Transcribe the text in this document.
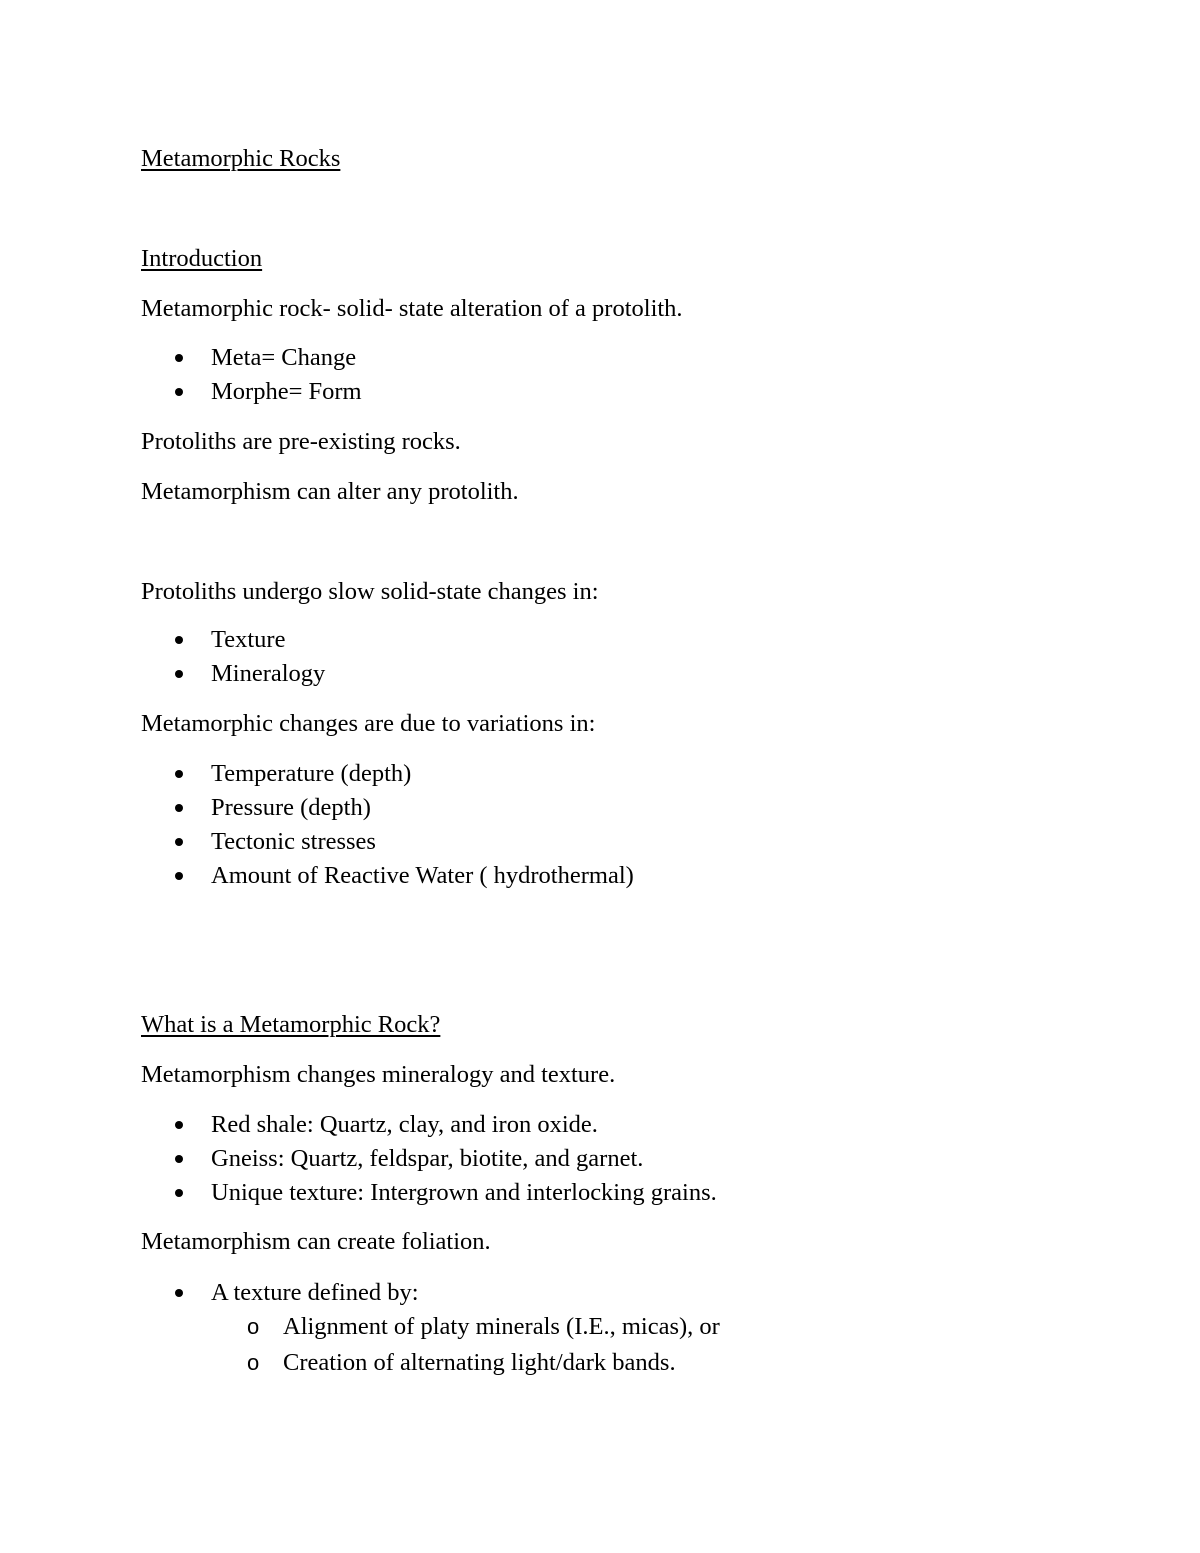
Metamorphic Rocks
Introduction
Metamorphic rock- solid- state alteration of a protolith.
Meta= Change
Morphe= Form
Protoliths are pre-existing rocks.
Metamorphism can alter any protolith.
Protoliths undergo slow solid-state changes in:
Texture
Mineralogy
Metamorphic changes are due to variations in:
Temperature (depth)
Pressure (depth)
Tectonic stresses
Amount of Reactive Water ( hydrothermal)
What is a Metamorphic Rock?
Metamorphism changes mineralogy and texture.
Red shale: Quartz, clay, and iron oxide.
Gneiss: Quartz, feldspar, biotite, and garnet.
Unique texture: Intergrown and interlocking grains.
Metamorphism can create foliation.
A texture defined by:
o Alignment of platy minerals (I.E., micas), or
o Creation of alternating light/dark bands.
